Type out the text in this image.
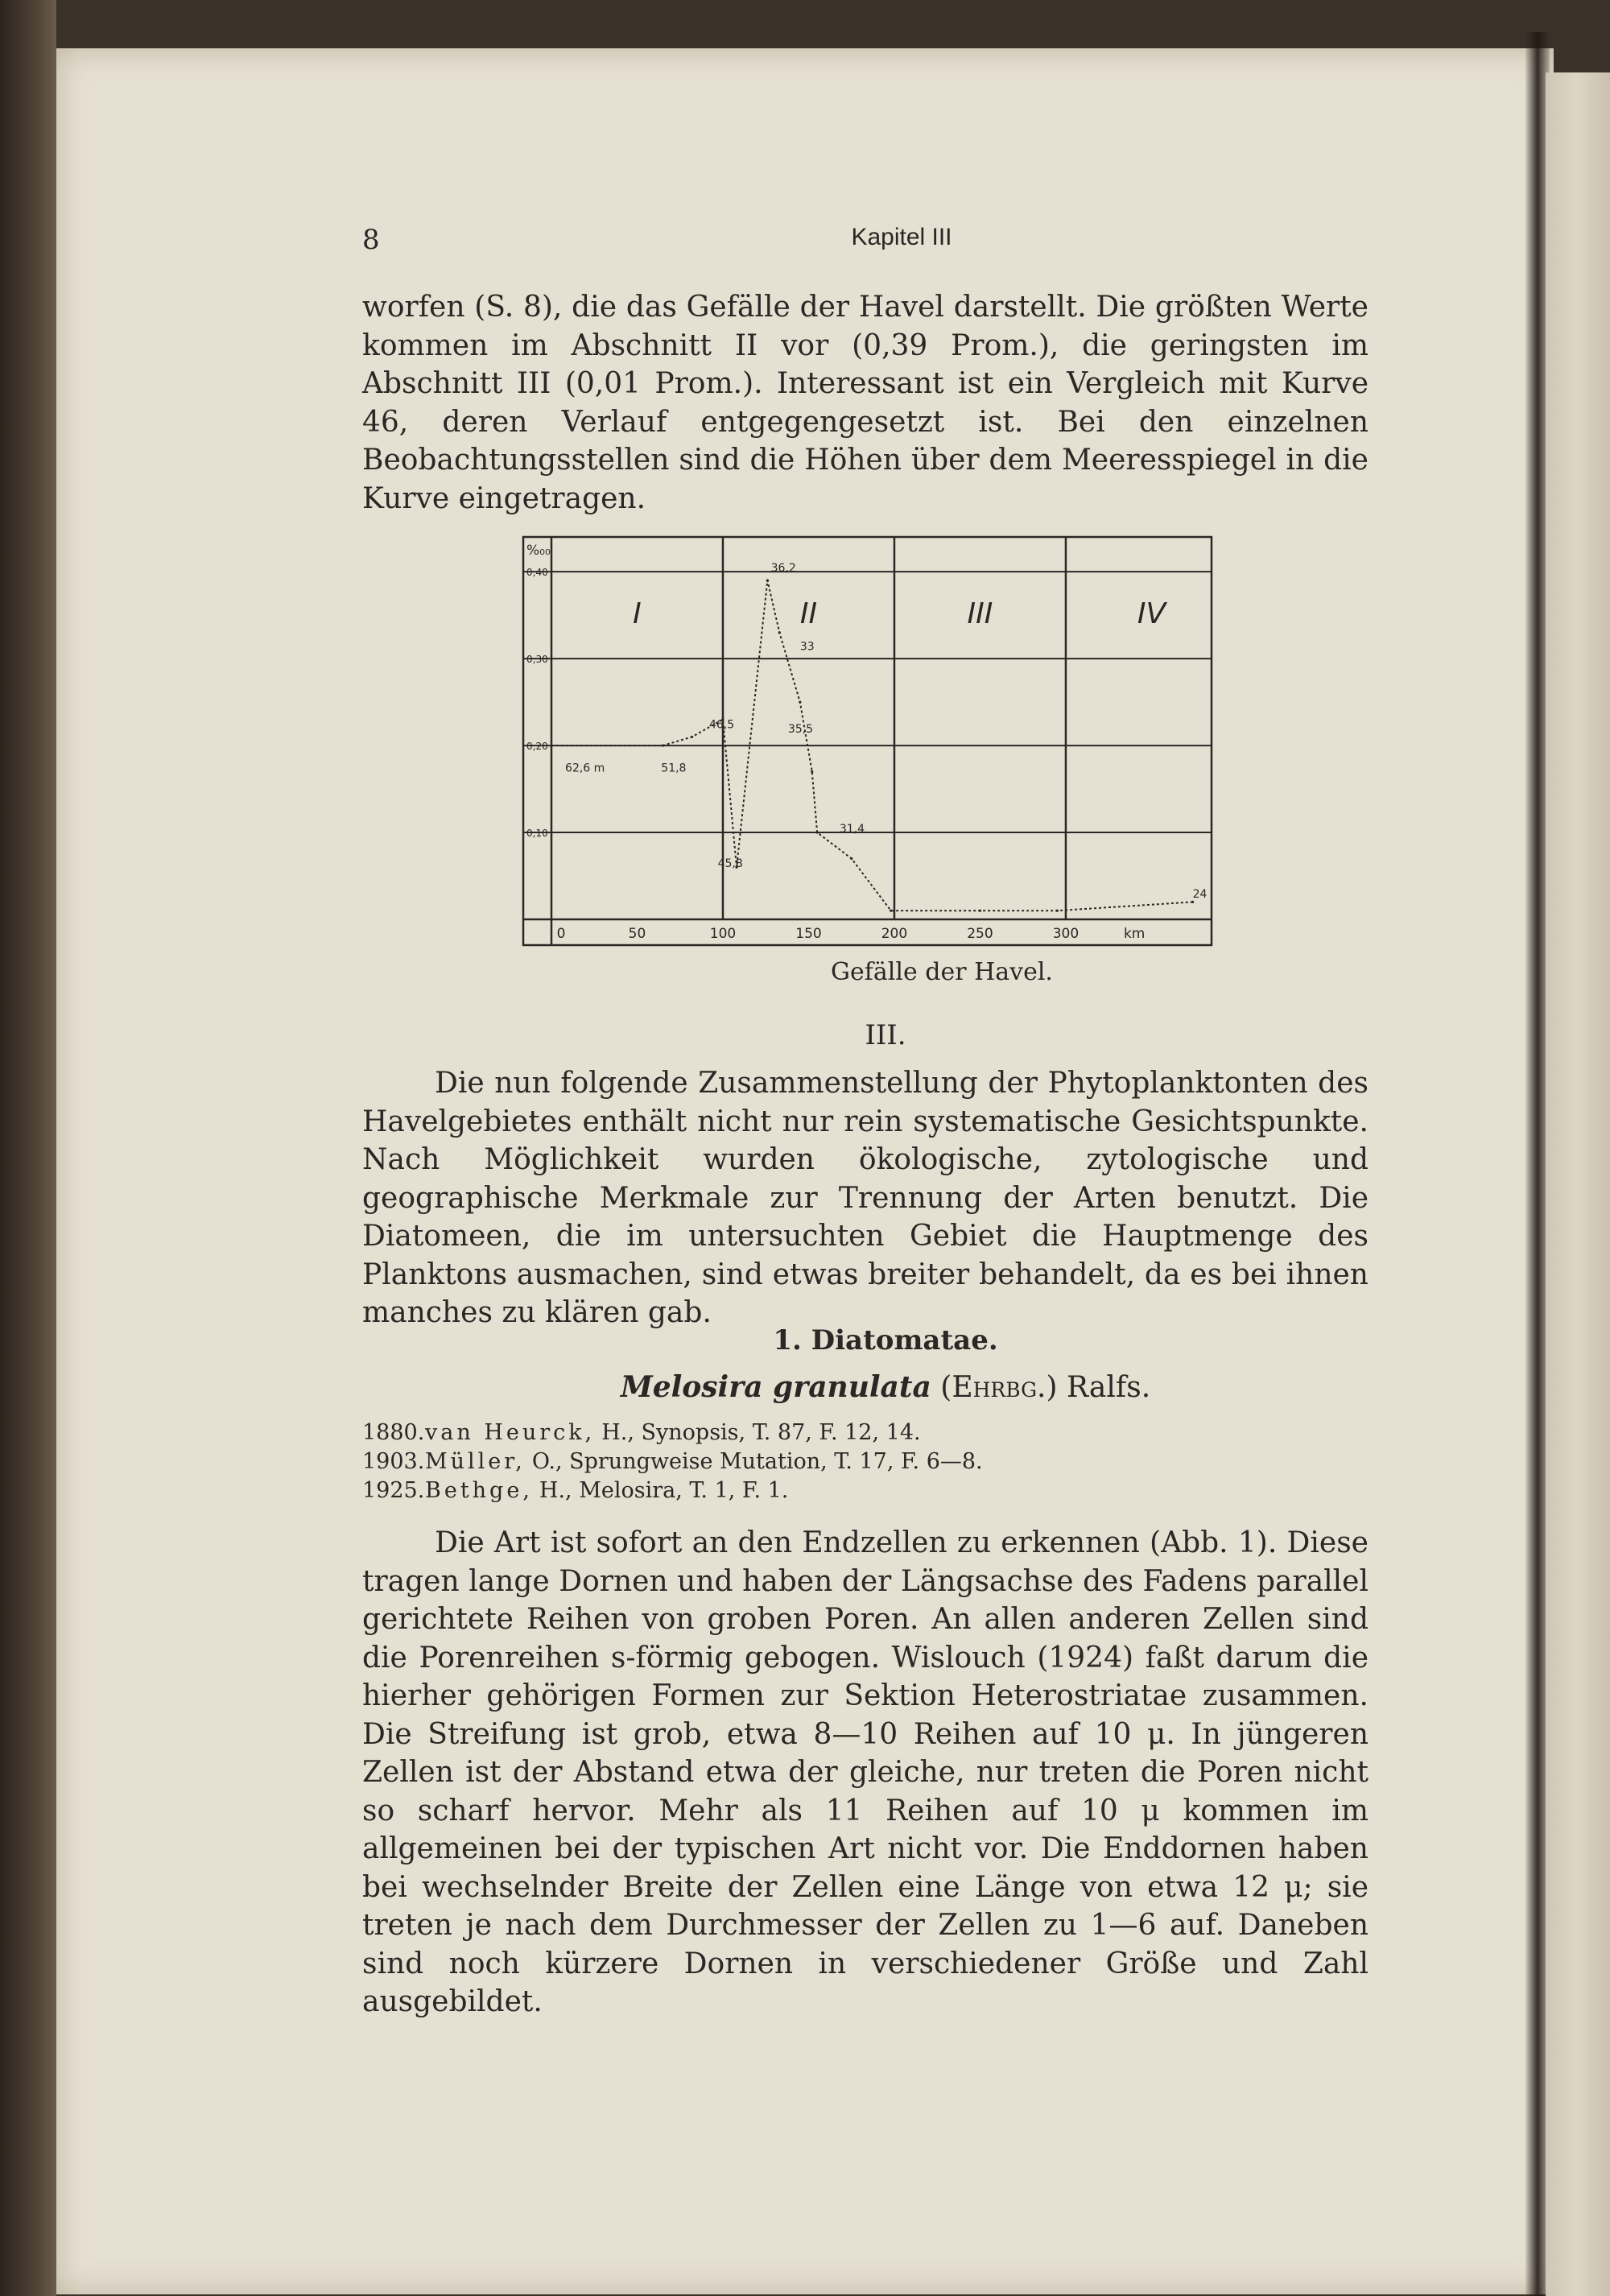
8	Kapitel III

worfen (S. 8), die das Gefälle der Havel darstellt. Die größten Werte kommen im Abschnitt II vor (0,39 Prom.), die geringsten im Abschnitt III (0,01 Prom.). Interessant ist ein Vergleich mit Kurve 46, deren Verlauf entgegengesetzt ist. Bei den einzelnen Beobachtungsstellen sind die Höhen über dem Meeresspiegel in die Kurve eingetragen.

0,10
0,20
0,30
0,40
%₀₀
0	50	100	150	200	250	300	km
I	II	III	IV
62,6 m	51,8
46,5
45,8
36,2
33
35,5
31,4
24
Gefälle der Havel.
III.

Die nun folgende Zusammenstellung der Phytoplanktonten des Havelgebietes enthält nicht nur rein systematische Gesichtspunkte. Nach Möglichkeit wurden ökologische, zytologische und geographische Merkmale zur Trennung der Arten benutzt. Die Diatomeen, die im untersuchten Gebiet die Hauptmenge des Planktons ausmachen, sind etwas breiter behandelt, da es bei ihnen manches zu klären gab.

1. Diatomatae.
Melosira granulata (Ehrbg.) Ralfs.
1880. van Heurck, H., Synopsis, T. 87, F. 12, 14.
1903. Müller, O., Sprungweise Mutation, T. 17, F. 6—8.
1925. Bethge, H., Melosira, T. 1, F. 1.

Die Art ist sofort an den Endzellen zu erkennen (Abb. 1). Diese tragen lange Dornen und haben der Längsachse des Fadens parallel gerichtete Reihen von groben Poren. An allen anderen Zellen sind die Porenreihen s-förmig gebogen. Wislouch (1924) faßt darum die hierher gehörigen Formen zur Sektion Heterostriatae zusammen. Die Streifung ist grob, etwa 8—10 Reihen auf 10 μ. In jüngeren Zellen ist der Abstand etwa der gleiche, nur treten die Poren nicht so scharf hervor. Mehr als 11 Reihen auf 10 μ kommen im allgemeinen bei der typischen Art nicht vor. Die Enddornen haben bei wechselnder Breite der Zellen eine Länge von etwa 12 μ; sie treten je nach dem Durchmesser der Zellen zu 1—6 auf. Daneben sind noch kürzere Dornen in verschiedener Größe und Zahl ausgebildet.
